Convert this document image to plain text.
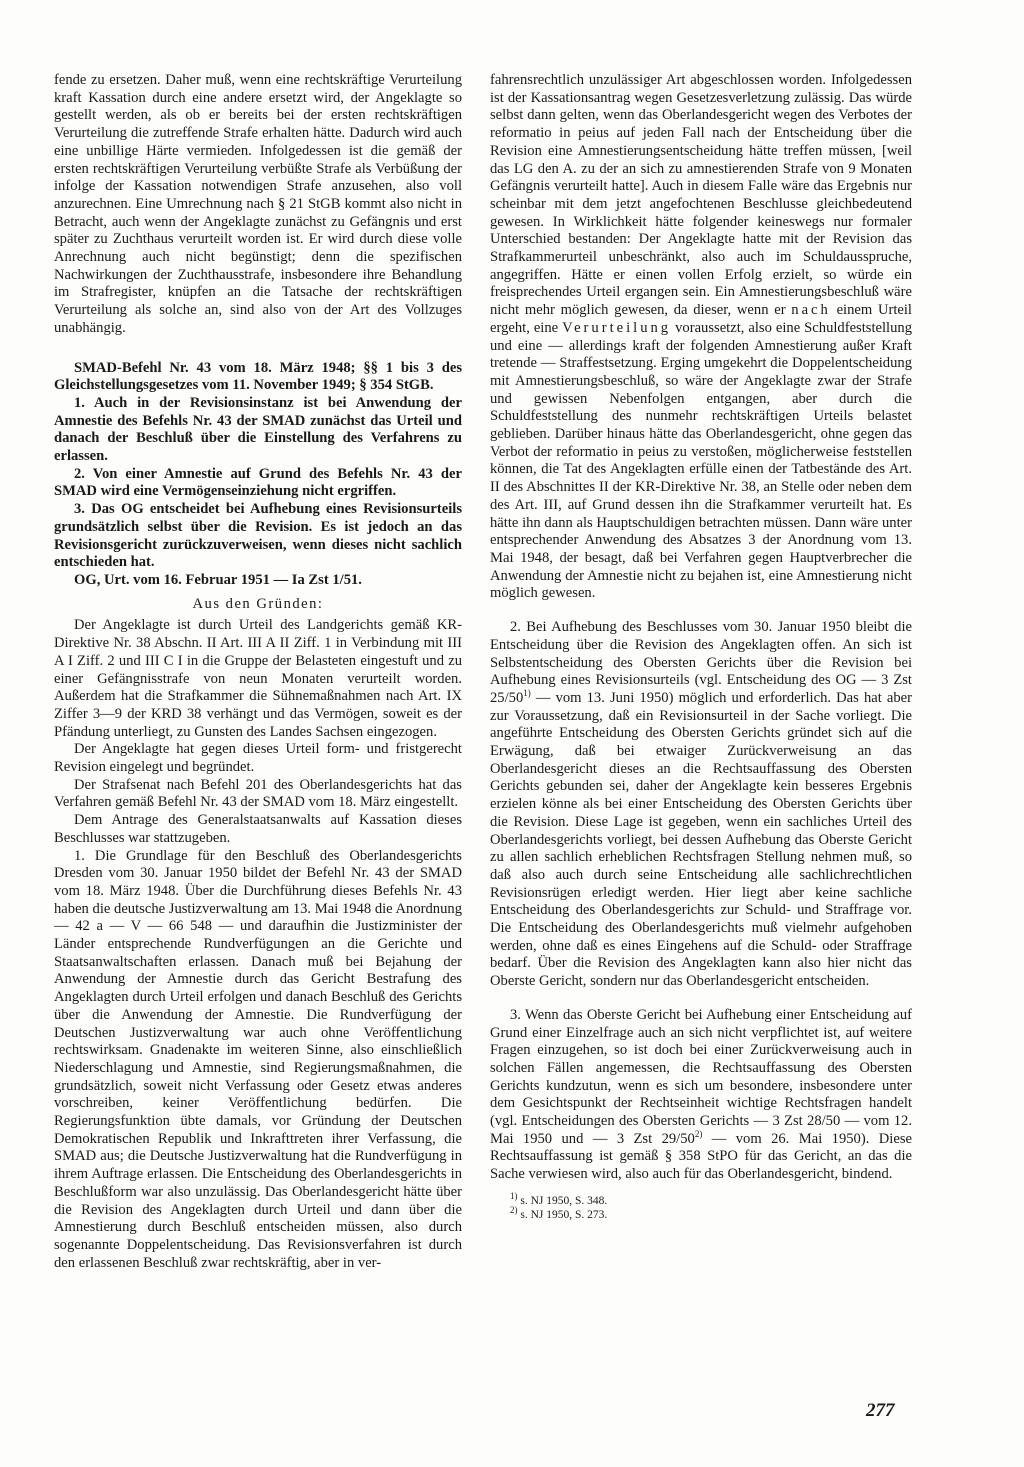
fende zu ersetzen. Daher muß, wenn eine rechtskräftige Verurteilung kraft Kassation durch eine andere ersetzt wird, der Angeklagte so gestellt werden, als ob er bereits bei der ersten rechtskräftigen Verurteilung die zutreffende Strafe erhalten hätte. Dadurch wird auch eine unbillige Härte vermieden. Infolgedessen ist die gemäß der ersten rechtskräftigen Verurteilung verbüßte Strafe als Verbüßung der infolge der Kassation notwendigen Strafe anzusehen, also voll anzurechnen. Eine Umrechnung nach § 21 StGB kommt also nicht in Betracht, auch wenn der Angeklagte zunächst zu Gefängnis und erst später zu Zuchthaus verurteilt worden ist. Er wird durch diese volle Anrechnung auch nicht begünstigt; denn die spezifischen Nachwirkungen der Zuchthausstrafe, insbesondere ihre Behandlung im Strafregister, knüpfen an die Tatsache der rechtskräftigen Verurteilung als solche an, sind also von der Art des Vollzuges unabhängig.

SMAD-Befehl Nr. 43 vom 18. März 1948; §§ 1 bis 3 des Gleichstellungsgesetzes vom 11. November 1949; § 354 StGB.

1. Auch in der Revisionsinstanz ist bei Anwendung der Amnestie des Befehls Nr. 43 der SMAD zunächst das Urteil und danach der Beschluß über die Einstellung des Verfahrens zu erlassen.

2. Von einer Amnestie auf Grund des Befehls Nr. 43 der SMAD wird eine Vermögenseinziehung nicht ergriffen.

3. Das OG entscheidet bei Aufhebung eines Revisionsurteils grundsätzlich selbst über die Revision. Es ist jedoch an das Revisionsgericht zurückzuverweisen, wenn dieses nicht sachlich entschieden hat.

OG, Urt. vom 16. Februar 1951 — Ia Zst 1/51.

Aus den Gründen:

Der Angeklagte ist durch Urteil des Landgerichts gemäß KR-Direktive Nr. 38 Abschn. II Art. III A II Ziff. 1 in Verbindung mit III A I Ziff. 2 und III C I in die Gruppe der Belasteten eingestuft und zu einer Gefängnisstrafe von neun Monaten verurteilt worden. Außerdem hat die Strafkammer die Sühnemaßnahmen nach Art. IX Ziffer 3—9 der KRD 38 verhängt und das Vermögen, soweit es der Pfändung unterliegt, zu Gunsten des Landes Sachsen eingezogen.

Der Angeklagte hat gegen dieses Urteil form- und fristgerecht Revision eingelegt und begründet.

Der Strafsenat nach Befehl 201 des Oberlandesgerichts hat das Verfahren gemäß Befehl Nr. 43 der SMAD vom 18. März eingestellt.

Dem Antrage des Generalstaatsanwalts auf Kassation dieses Beschlusses war stattzugeben.

1. Die Grundlage für den Beschluß des Oberlandesgerichts Dresden vom 30. Januar 1950 bildet der Befehl Nr. 43 der SMAD vom 18. März 1948. Über die Durchführung dieses Befehls Nr. 43 haben die deutsche Justizverwaltung am 13. Mai 1948 die Anordnung — 42 a — V — 66 548 — und daraufhin die Justizminister der Länder entsprechende Rundverfügungen an die Gerichte und Staatsanwaltschaften erlassen. Danach muß bei Bejahung der Anwendung der Amnestie durch das Gericht Bestrafung des Angeklagten durch Urteil erfolgen und danach Beschluß des Gerichts über die Anwendung der Amnestie. Die Rundverfügung der Deutschen Justizverwaltung war auch ohne Veröffentlichung rechtswirksam. Gnadenakte im weiteren Sinne, also einschließlich Niederschlagung und Amnestie, sind Regierungsmaßnahmen, die grundsätzlich, soweit nicht Verfassung oder Gesetz etwas anderes vorschreiben, keiner Veröffentlichung bedürfen. Die Regierungsfunktion übte damals, vor Gründung der Deutschen Demokratischen Republik und Inkrafttreten ihrer Verfassung, die SMAD aus; die Deutsche Justizverwaltung hat die Rundverfügung in ihrem Auftrage erlassen. Die Entscheidung des Oberlandesgerichts in Beschlußform war also unzulässig. Das Oberlandesgericht hätte über die Revision des Angeklagten durch Urteil und dann über die Amnestierung durch Beschluß entscheiden müssen, also durch sogenannte Doppelentscheidung. Das Revisionsverfahren ist durch den erlassenen Beschluß zwar rechtskräftig, aber in ver-

fahrensrechtlich unzulässiger Art abgeschlossen worden. Infolgedessen ist der Kassationsantrag wegen Gesetzesverletzung zulässig. Das würde selbst dann gelten, wenn das Oberlandesgericht wegen des Verbotes der reformatio in peius auf jeden Fall nach der Entscheidung über die Revision eine Amnestierungsentscheidung hätte treffen müssen, [weil das LG den A. zu der an sich zu amnestierenden Strafe von 9 Monaten Gefängnis verurteilt hatte]. Auch in diesem Falle wäre das Ergebnis nur scheinbar mit dem jetzt angefochtenen Beschlusse gleichbedeutend gewesen. In Wirklichkeit hätte folgender keineswegs nur formaler Unterschied bestanden: Der Angeklagte hatte mit der Revision das Strafkammerurteil unbeschränkt, also auch im Schuldausspruche, angegriffen. Hätte er einen vollen Erfolg erzielt, so würde ein freisprechendes Urteil ergangen sein. Ein Amnestierungsbeschluß wäre nicht mehr möglich gewesen, da dieser, wenn er nach einem Urteil ergeht, eine Verurteilung voraussetzt, also eine Schuldfeststellung und eine — allerdings kraft der folgenden Amnestierung außer Kraft tretende — Straffestsetzung. Erging umgekehrt die Doppelentscheidung mit Amnestierungsbeschluß, so wäre der Angeklagte zwar der Strafe und gewissen Nebenfolgen entgangen, aber durch die Schuldfeststellung des nunmehr rechtskräftigen Urteils belastet geblieben. Darüber hinaus hätte das Oberlandesgericht, ohne gegen das Verbot der reformatio in peius zu verstoßen, möglicherweise feststellen können, die Tat des Angeklagten erfülle einen der Tatbestände des Art. II des Abschnittes II der KR-Direktive Nr. 38, an Stelle oder neben dem des Art. III, auf Grund dessen ihn die Strafkammer verurteilt hat. Es hätte ihn dann als Hauptschuldigen betrachten müssen. Dann wäre unter entsprechender Anwendung des Absatzes 3 der Anordnung vom 13. Mai 1948, der besagt, daß bei Verfahren gegen Hauptverbrecher die Anwendung der Amnestie nicht zu bejahen ist, eine Amnestierung nicht möglich gewesen.

2. Bei Aufhebung des Beschlusses vom 30. Januar 1950 bleibt die Entscheidung über die Revision des Angeklagten offen. An sich ist Selbstentscheidung des Obersten Gerichts über die Revision bei Aufhebung eines Revisionsurteils (vgl. Entscheidung des OG — 3 Zst 25/50$^{1)}$ — vom 13. Juni 1950) möglich und erforderlich. Das hat aber zur Voraussetzung, daß ein Revisionsurteil in der Sache vorliegt. Die angeführte Entscheidung des Obersten Gerichts gründet sich auf die Erwägung, daß bei etwaiger Zurückverweisung an das Oberlandesgericht dieses an die Rechtsauffassung des Obersten Gerichts gebunden sei, daher der Angeklagte kein besseres Ergebnis erzielen könne als bei einer Entscheidung des Obersten Gerichts über die Revision. Diese Lage ist gegeben, wenn ein sachliches Urteil des Oberlandesgerichts vorliegt, bei dessen Aufhebung das Oberste Gericht zu allen sachlich erheblichen Rechtsfragen Stellung nehmen muß, so daß also auch durch seine Entscheidung alle sachlichrechtlichen Revisionsrügen erledigt werden. Hier liegt aber keine sachliche Entscheidung des Oberlandesgerichts zur Schuld- und Straffrage vor. Die Entscheidung des Oberlandesgerichts muß vielmehr aufgehoben werden, ohne daß es eines Eingehens auf die Schuld- oder Straffrage bedarf. Über die Revision des Angeklagten kann also hier nicht das Oberste Gericht, sondern nur das Oberlandesgericht entscheiden.

3. Wenn das Oberste Gericht bei Aufhebung einer Entscheidung auf Grund einer Einzelfrage auch an sich nicht verpflichtet ist, auf weitere Fragen einzugehen, so ist doch bei einer Zurückverweisung auch in solchen Fällen angemessen, die Rechtsauffassung des Obersten Gerichts kundzutun, wenn es sich um besondere, insbesondere unter dem Gesichtspunkt der Rechtseinheit wichtige Rechtsfragen handelt (vgl. Entscheidungen des Obersten Gerichts — 3 Zst 28/50 — vom 12. Mai 1950 und — 3 Zst 29/50$^{2)}$ — vom 26. Mai 1950). Diese Rechtsauffassung ist gemäß § 358 StPO für das Gericht, an das die Sache verwiesen wird, also auch für das Oberlandesgericht, bindend.

$^{1)}$ s. NJ 1950, S. 348.
$^{2)}$ s. NJ 1950, S. 273.
277
